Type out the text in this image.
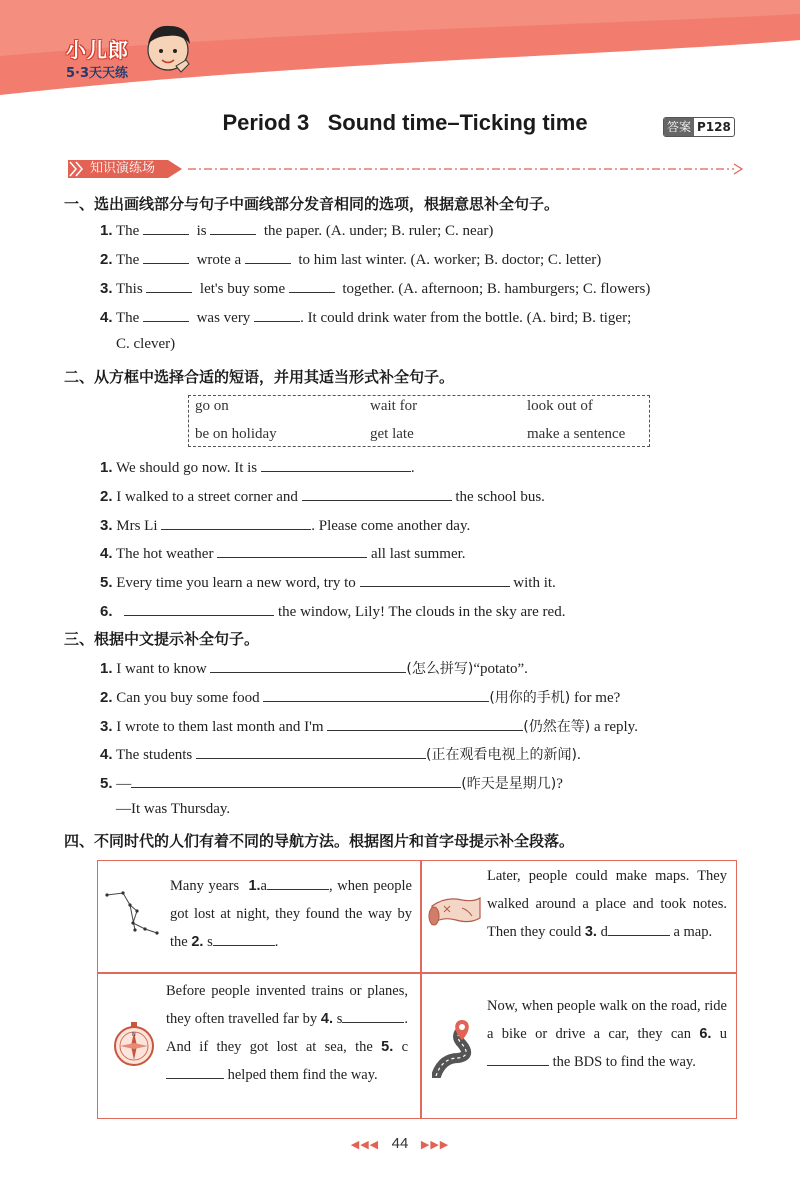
小儿郎
5·3天天练
Period 3   Sound time–Ticking time	答案 P128
知识演练场
一、选出画线部分与句子中画线部分发音相同的选项，根据意思补全句子。
1. The	is	the paper. (A. under; B. ruler; C. near)
2. The	wrote a	to him last winter. (A. worker; B. doctor; C. letter)
3. This	let's buy some	together. (A. afternoon; B. hamburgers; C. flowers)
4. The	was very	. It could drink water from the bottle. (A. bird; B. tiger;
C. clever)
二、从方框中选择合适的短语，并用其适当形式补全句子。
go on	wait for	look out of
be on holiday	get late	make a sentence
1. We should go now. It is	.
2. I walked to a street corner and	the school bus.
3. Mrs Li	. Please come another day.
4. The hot weather	all last summer.
5. Every time you learn a new word, try to	with it.
6.	the window, Lily! The clouds in the sky are red.
三、根据中文提示补全句子。
1. I want to know	(怎么拼写)“potato”.
2. Can you buy some food	(用你的手机) for me?
3. I wrote to them last month and I'm	(仍然在等) a reply.
4. The students	(正在观看电视上的新闻).
5. —	(昨天是星期几)?
—It was Thursday.
四、不同时代的人们有着不同的导航方法。根据图片和首字母提示补全段落。
N
Many years 1.a	, when people got lost at night, they found the way by the 2. s	.
Later, people could make maps. They walked around a place and took notes. Then they could 3. d	a map.
Before people invented trains or planes, they often travelled far by 4. s	. And if they got lost at sea, the 5. c helped them find the way.
Now, when people walk on the road, ride a bike or drive a car, they can 6. u the BDS to find the way.
◀◀◀ 44 ▶▶▶
